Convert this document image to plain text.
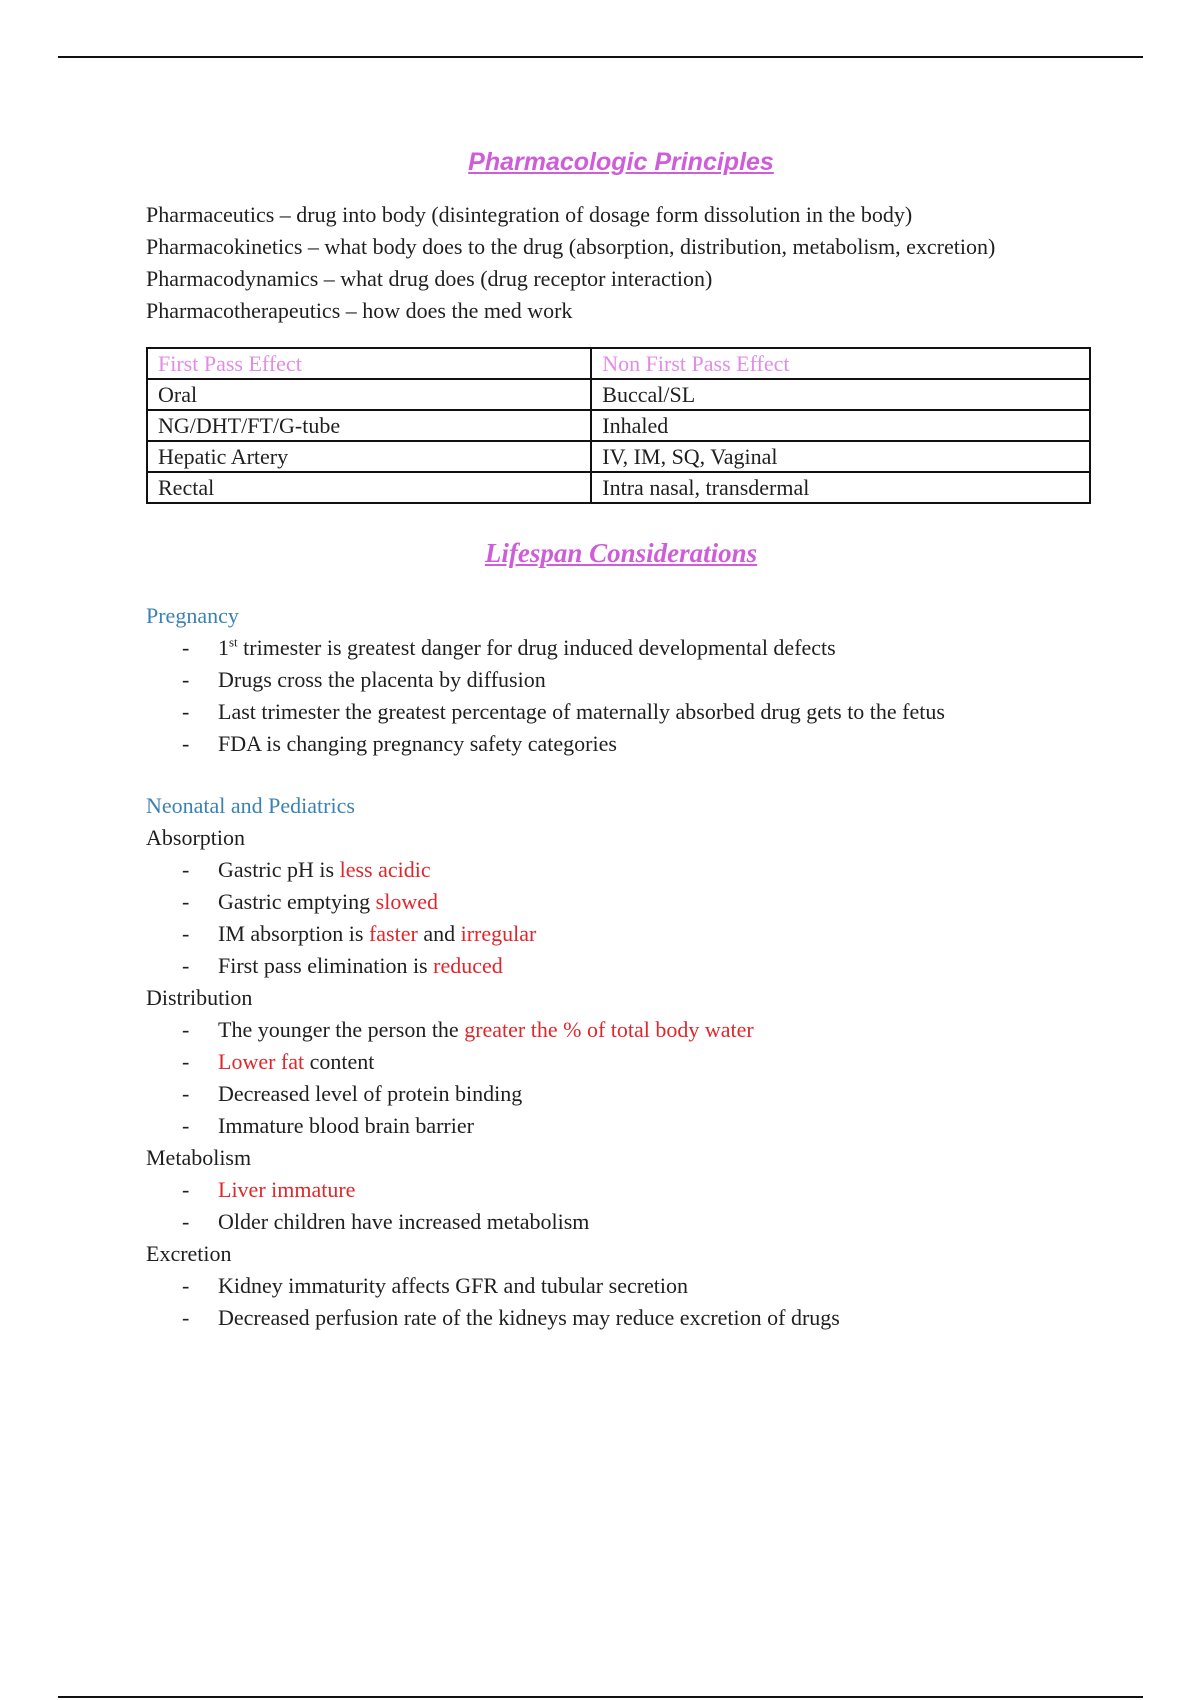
Pharmacologic Principles
Pharmaceutics – drug into body (disintegration of dosage form dissolution in the body)
Pharmacokinetics – what body does to the drug (absorption, distribution, metabolism, excretion)
Pharmacodynamics – what drug does (drug receptor interaction)
Pharmacotherapeutics – how does the med work
First Pass Effect	Non First Pass Effect
Oral	Buccal/SL
NG/DHT/FT/G-tube	Inhaled
Hepatic Artery	IV, IM, SQ, Vaginal
Rectal	Intra nasal, transdermal
Lifespan Considerations
Pregnancy
- 1st trimester is greatest danger for drug induced developmental defects
- Drugs cross the placenta by diffusion
- Last trimester the greatest percentage of maternally absorbed drug gets to the fetus
- FDA is changing pregnancy safety categories
Neonatal and Pediatrics
Absorption
- Gastric pH is less acidic
- Gastric emptying slowed
- IM absorption is faster and irregular
- First pass elimination is reduced
Distribution
- The younger the person the greater the % of total body water
- Lower fat content
- Decreased level of protein binding
- Immature blood brain barrier
Metabolism
- Liver immature
- Older children have increased metabolism
Excretion
- Kidney immaturity affects GFR and tubular secretion
- Decreased perfusion rate of the kidneys may reduce excretion of drugs
